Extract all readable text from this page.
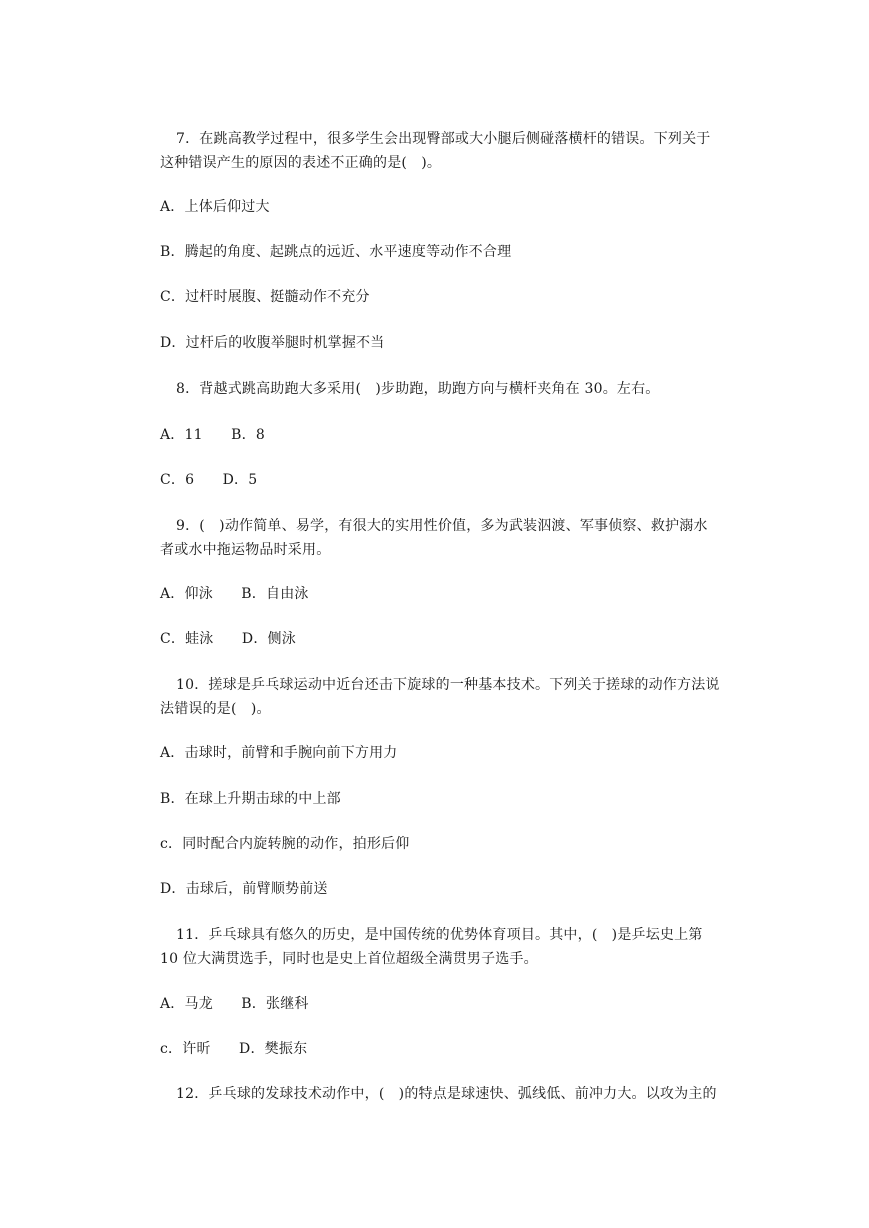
7．在跳高教学过程中，很多学生会出现臀部或大小腿后侧碰落横杆的错误。下列关于
这种错误产生的原因的表述不正确的是(　)。
A．上体后仰过大
B．腾起的角度、起跳点的远近、水平速度等动作不合理
C．过杆时展腹、挺髓动作不充分
D．过杆后的收腹举腿时机掌握不当
8．背越式跳高助跑大多采用(　)步助跑，助跑方向与横杆夹角在 30。左右。
A．11　　B．8
C．6　　D．5
9．(　)动作简单、易学，有很大的实用性价值，多为武装泅渡、军事侦察、救护溺水
者或水中拖运物品时采用。
A．仰泳　　B．自由泳
C．蛙泳　　D．侧泳
10．搓球是乒乓球运动中近台还击下旋球的一种基本技术。下列关于搓球的动作方法说
法错误的是(　)。
A．击球时，前臂和手腕向前下方用力
B．在球上升期击球的中上部
c．同时配合内旋转腕的动作，拍形后仰
D．击球后，前臂顺势前送
11．乒乓球具有悠久的历史，是中国传统的优势体育项目。其中，(　)是乒坛史上第
10 位大满贯选手，同时也是史上首位超级全满贯男子选手。
A．马龙　　B．张继科
c．许昕　　D．樊振东
12．乒乓球的发球技术动作中，(　)的特点是球速快、弧线低、前冲力大。以攻为主的
